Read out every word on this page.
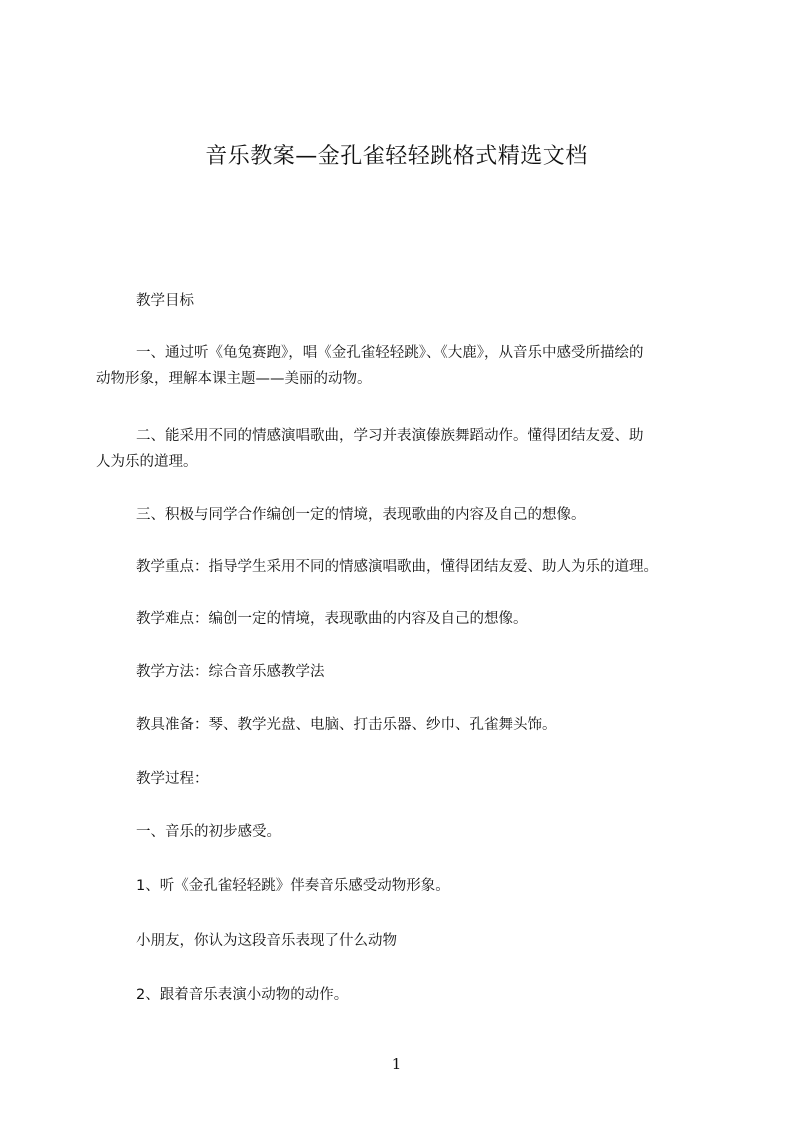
音乐教案—金孔雀轻轻跳格式精选文档
教学目标
一、通过听《龟兔赛跑》，唱《金孔雀轻轻跳》、《大鹿》，从音乐中感受所描绘的
动物形象，理解本课主题——美丽的动物。
二、能采用不同的情感演唱歌曲，学习并表演傣族舞蹈动作。懂得团结友爱、助
人为乐的道理。
三、积极与同学合作编创一定的情境，表现歌曲的内容及自己的想像。
教学重点：指导学生采用不同的情感演唱歌曲，懂得团结友爱、助人为乐的道理。
教学难点：编创一定的情境，表现歌曲的内容及自己的想像。
教学方法：综合音乐感教学法
教具准备：琴、教学光盘、电脑、打击乐器、纱巾、孔雀舞头饰。
教学过程：
一、音乐的初步感受。
1、听《金孔雀轻轻跳》伴奏音乐感受动物形象。
小朋友，你认为这段音乐表现了什么动物
2、跟着音乐表演小动物的动作。
1
